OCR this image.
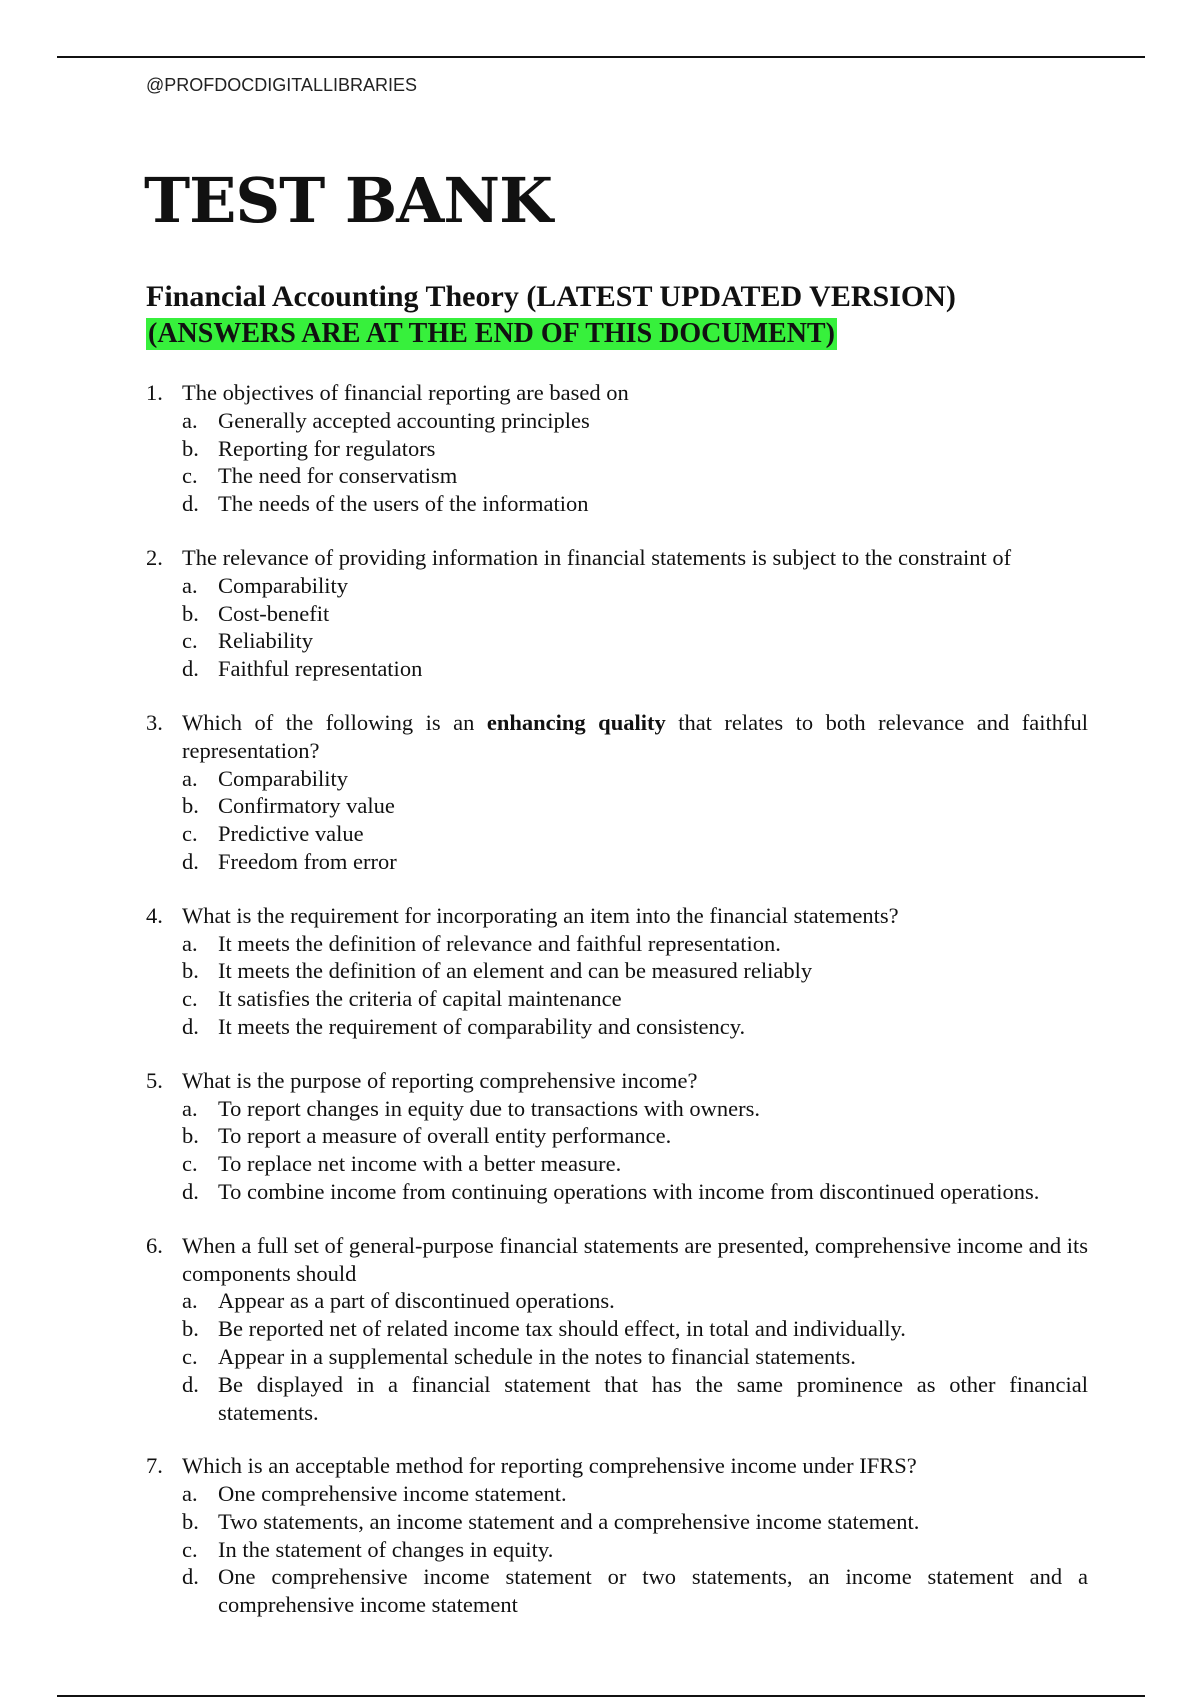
@PROFDOCDIGITALLIBRARIES
TEST BANK
Financial Accounting Theory (LATEST UPDATED VERSION)
(ANSWERS ARE AT THE END OF THIS DOCUMENT)
1. The objectives of financial reporting are based on
a. Generally accepted accounting principles
b. Reporting for regulators
c. The need for conservatism
d. The needs of the users of the information
2. The relevance of providing information in financial statements is subject to the constraint of
a. Comparability
b. Cost-benefit
c. Reliability
d. Faithful representation
3. Which of the following is an enhancing quality that relates to both relevance and faithful representation?
a. Comparability
b. Confirmatory value
c. Predictive value
d. Freedom from error
4. What is the requirement for incorporating an item into the financial statements?
a. It meets the definition of relevance and faithful representation.
b. It meets the definition of an element and can be measured reliably
c. It satisfies the criteria of capital maintenance
d. It meets the requirement of comparability and consistency.
5. What is the purpose of reporting comprehensive income?
a. To report changes in equity due to transactions with owners.
b. To report a measure of overall entity performance.
c. To replace net income with a better measure.
d. To combine income from continuing operations with income from discontinued operations.
6. When a full set of general-purpose financial statements are presented, comprehensive income and its components should
a. Appear as a part of discontinued operations.
b. Be reported net of related income tax should effect, in total and individually.
c. Appear in a supplemental schedule in the notes to financial statements.
d. Be displayed in a financial statement that has the same prominence as other financial statements.
7. Which is an acceptable method for reporting comprehensive income under IFRS?
a. One comprehensive income statement.
b. Two statements, an income statement and a comprehensive income statement.
c. In the statement of changes in equity.
d. One comprehensive income statement or two statements, an income statement and a comprehensive income statement
